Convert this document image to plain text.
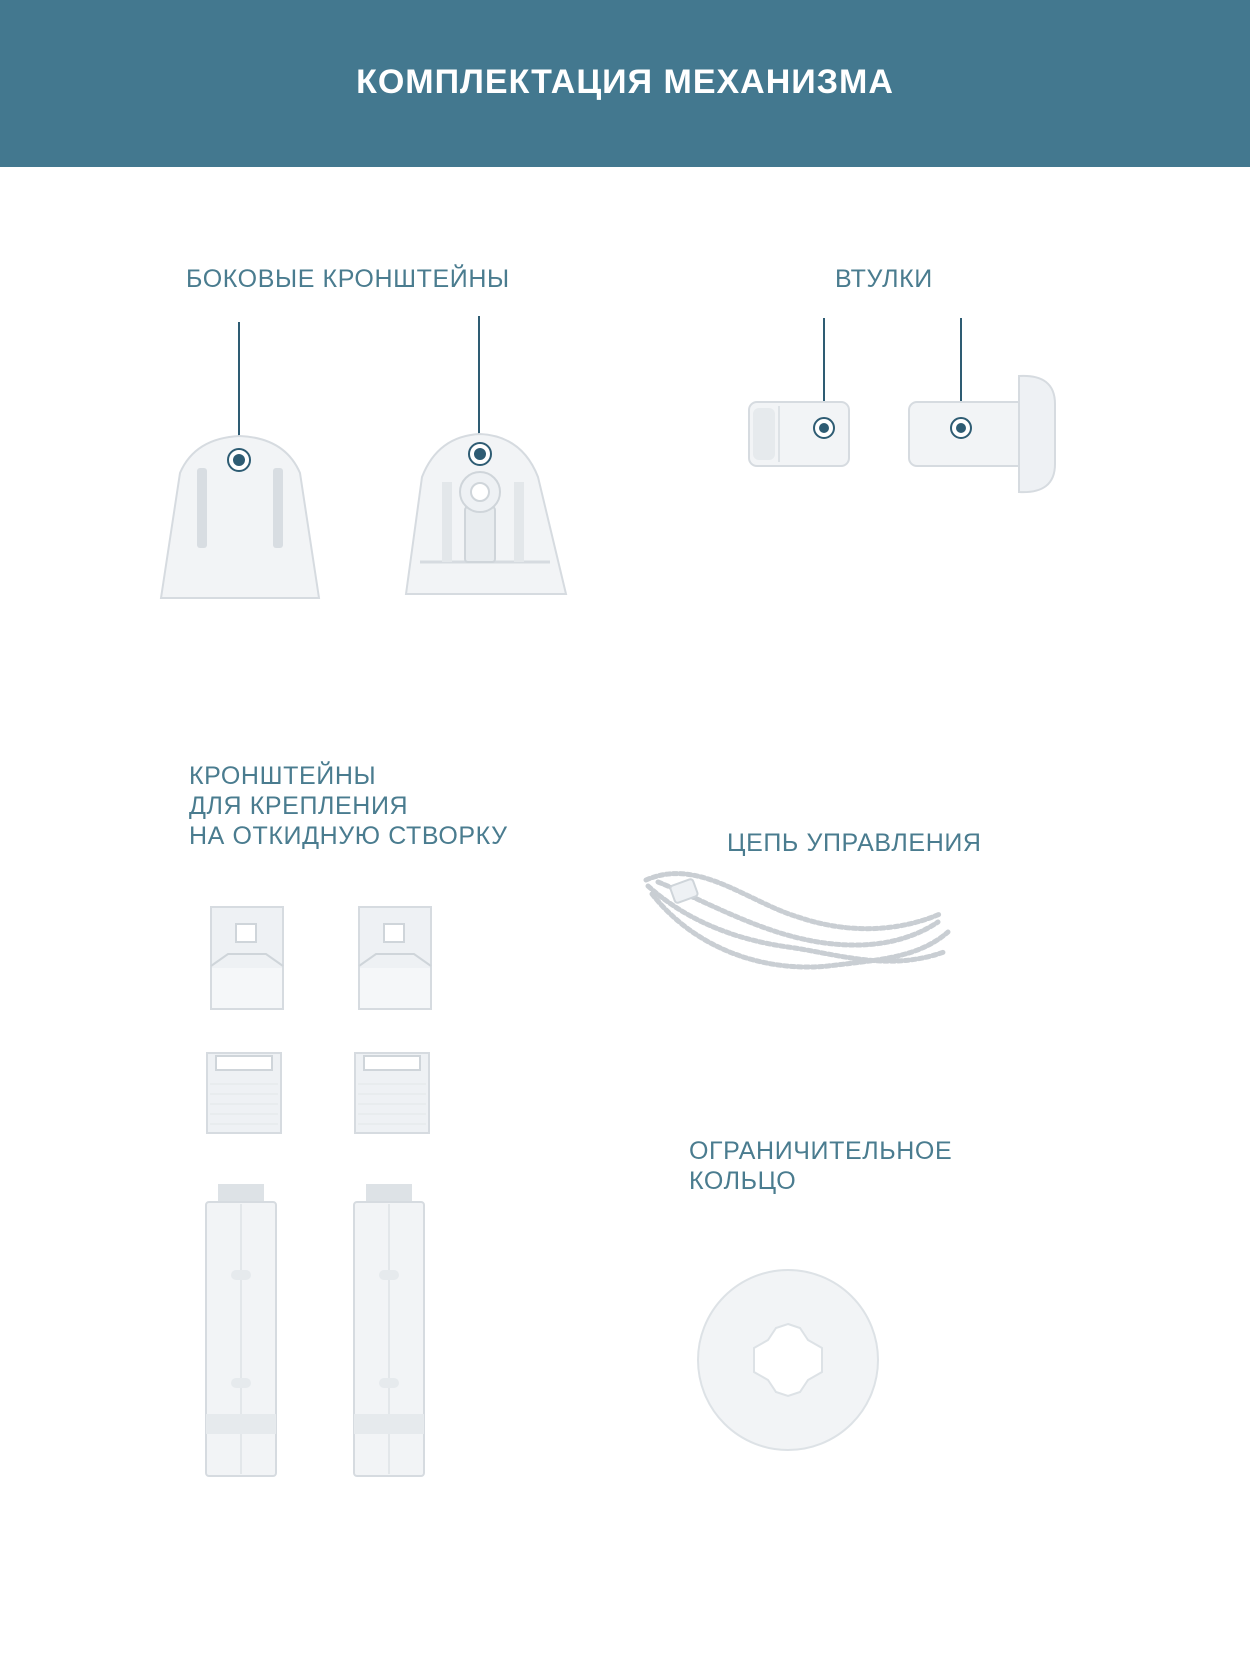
КОМПЛЕКТАЦИЯ МЕХАНИЗМА
БОКОВЫЕ КРОНШТЕЙНЫ	ВТУЛКИ
КРОНШТЕЙНЫ
ДЛЯ КРЕПЛЕНИЯ
НА ОТКИДНУЮ СТВОРКУ	ЦЕПЬ УПРАВЛЕНИЯ
ОГРАНИЧИТЕЛЬНОЕ
КОЛЬЦО
